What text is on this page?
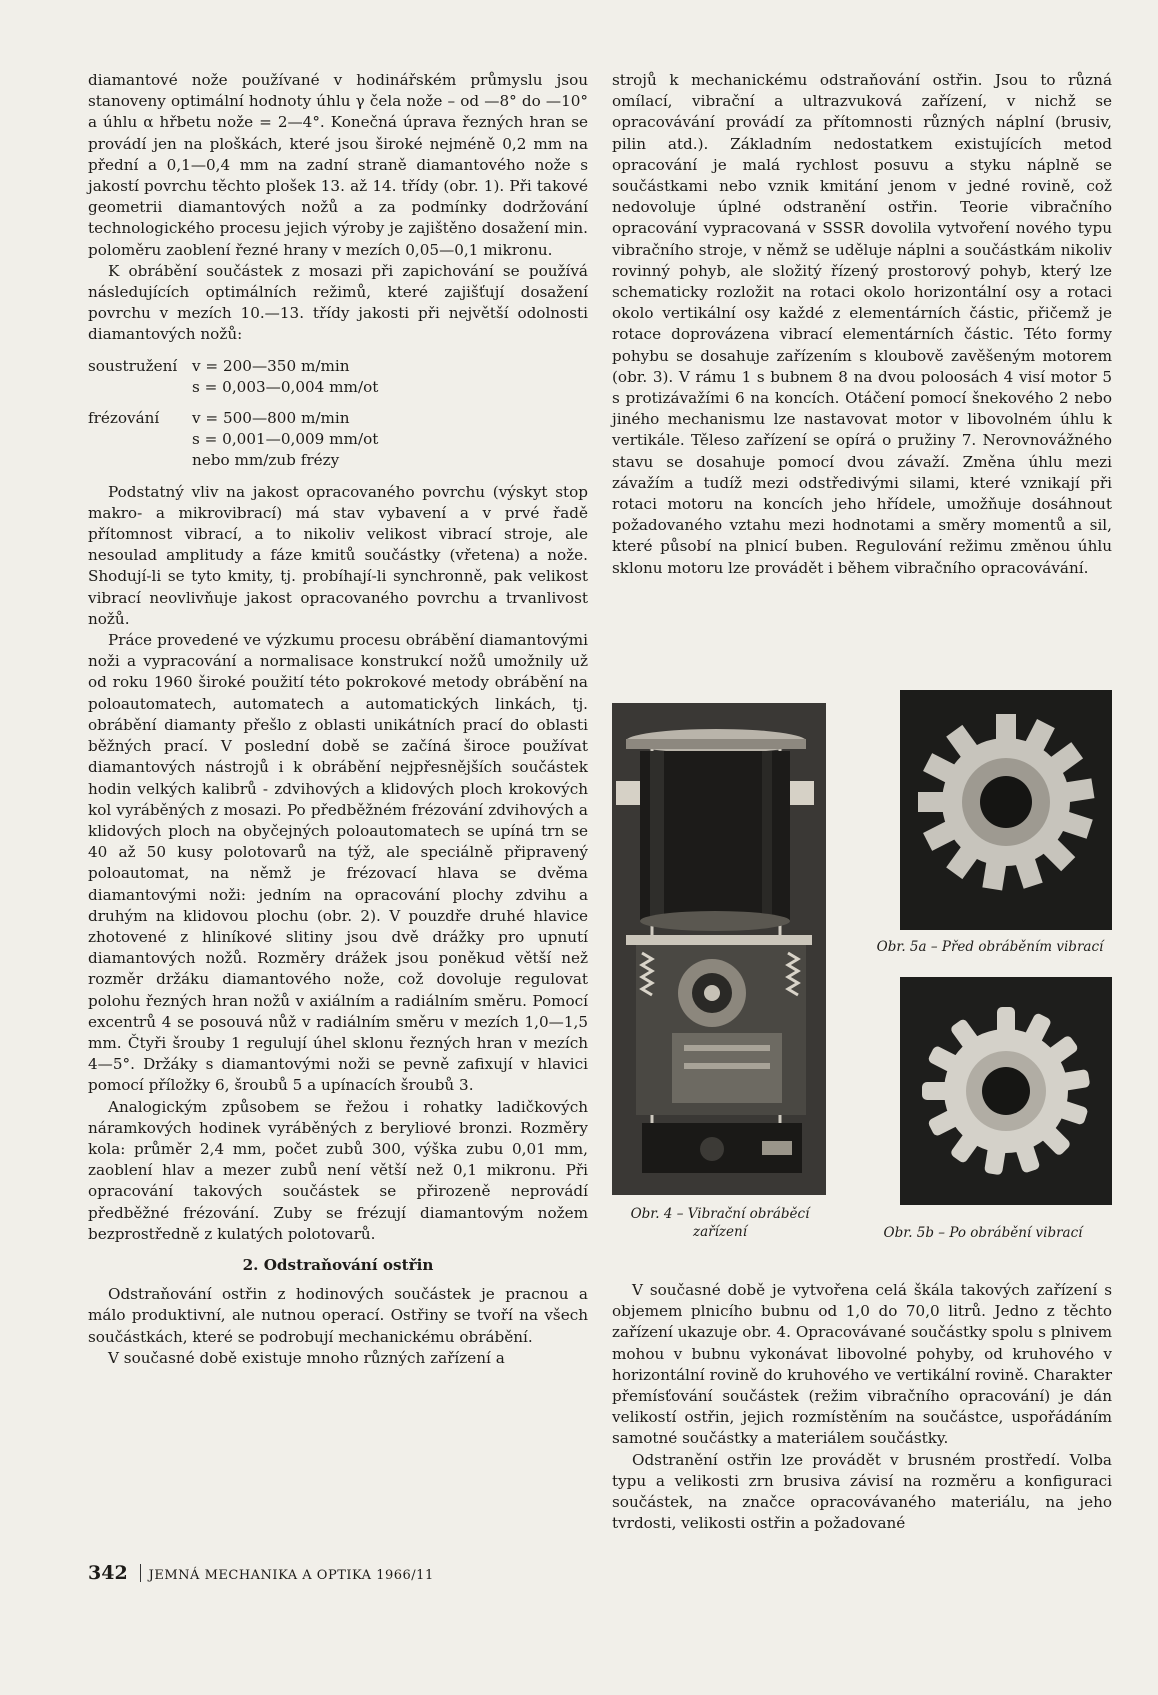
diamantové nože používané v hodinářském průmyslu jsou stanoveny optimální hodnoty úhlu γ čela nože – od —8° do —10° a úhlu α hřbetu nože = 2—4°. Konečná úprava řezných hran se provádí jen na ploškách, které jsou široké nejméně 0,2 mm na přední a 0,1—0,4 mm na zadní straně diamantového nože s jakostí povrchu těchto plošek 13. až 14. třídy (obr. 1). Při takové geometrii diamantových nožů a za podmínky dodržování technologického procesu jejich výroby je zajištěno dosažení min. poloměru zaoblení řezné hrany v mezích 0,05—0,1 mikronu.

K obrábění součástek z mosazi při zapichování se používá následujících optimálních režimů, které zajišťují dosažení povrchu v mezích 10.—13. třídy jakosti při největší odolnosti diamantových nožů:

soustružení v = 200—350 m/min
s = 0,003—0,004 mm/ot
frézování	v = 500—800 m/min
s = 0,001—0,009 mm/ot
nebo mm/zub frézy

Podstatný vliv na jakost opracovaného povrchu (výskyt stop makro- a mikrovibrací) má stav vybavení a v prvé řadě přítomnost vibrací, a to nikoliv velikost vibrací stroje, ale nesoulad amplitudy a fáze kmitů součástky (vřetena) a nože. Shodují-li se tyto kmity, tj. probíhají-li synchronně, pak velikost vibrací neovlivňuje jakost opracovaného povrchu a trvanlivost nožů.

Práce provedené ve výzkumu procesu obrábění diamantovými noži a vypracování a normalisace konstrukcí nožů umožnily už od roku 1960 široké použití této pokrokové metody obrábění na poloautomatech, automatech a automatických linkách, tj. obrábění diamanty přešlo z oblasti unikátních prací do oblasti běžných prací. V poslední době se začíná široce používat diamantových nástrojů i k obrábění nejpřesnějších součástek hodin velkých kalibrů - zdvihových a klidových ploch krokových kol vyráběných z mosazi. Po předběžném frézování zdvihových a klidových ploch na obyčejných poloautomatech se upíná trn se 40 až 50 kusy polotovarů na týž, ale speciálně připravený poloautomat, na němž je frézovací hlava se dvěma diamantovými noži: jedním na opracování plochy zdvihu a druhým na klidovou plochu (obr. 2). V pouzdře druhé hlavice zhotovené z hliníkové slitiny jsou dvě drážky pro upnutí diamantových nožů. Rozměry drážek jsou poněkud větší než rozměr držáku diamantového nože, což dovoluje regulovat polohu řezných hran nožů v axiálním a radiálním směru. Pomocí excentrů 4 se posouvá nůž v radiálním směru v mezích 1,0—1,5 mm. Čtyři šrouby 1 regulují úhel sklonu řezných hran v mezích 4—5°. Držáky s diamantovými noži se pevně zafixují v hlavici pomocí příložky 6, šroubů 5 a upínacích šroubů 3.

Analogickým způsobem se řežou i rohatky ladičkových náramkových hodinek vyráběných z beryliové bronzi. Rozměry kola: průměr 2,4 mm, počet zubů 300, výška zubu 0,01 mm, zaoblení hlav a mezer zubů není větší než 0,1 mikronu. Při opracování takových součástek se přirozeně neprovádí předběžné frézování. Zuby se frézují diamantovým nožem bezprostředně z kulatých polotovarů.

2. Odstraňování ostřin

Odstraňování ostřin z hodinových součástek je pracnou a málo produktivní, ale nutnou operací. Ostřiny se tvoří na všech součástkách, které se podrobují mechanickému obrábění.

V současné době existuje mnoho různých zařízení a

strojů k mechanickému odstraňování ostřin. Jsou to různá omílací, vibrační a ultrazvuková zařízení, v nichž se opracovávání provádí za přítomnosti různých náplní (brusiv, pilin atd.). Základním nedostatkem existujících metod opracování je malá rychlost posuvu a styku náplně se součástkami nebo vznik kmitání jenom v jedné rovině, což nedovoluje úplné odstranění ostřin. Teorie vibračního opracování vypracovaná v SSSR dovolila vytvoření nového typu vibračního stroje, v němž se uděluje náplni a součástkám nikoliv rovinný pohyb, ale složitý řízený prostorový pohyb, který lze schematicky rozložit na rotaci okolo horizontální osy a rotaci okolo vertikální osy každé z elementárních částic, přičemž je rotace doprovázena vibrací elementárních částic. Této formy pohybu se dosahuje zařízením s kloubově zavěšeným motorem (obr. 3). V rámu 1 s bubnem 8 na dvou poloosách 4 visí motor 5 s protizávažími 6 na koncích. Otáčení pomocí šnekového 2 nebo jiného mechanismu lze nastavovat motor v libovolném úhlu k vertikále. Těleso zařízení se opírá o pružiny 7. Nerovnovážného stavu se dosahuje pomocí dvou závaží. Změna úhlu mezi závažím a tudíž mezi odstředivými silami, které vznikají při rotaci motoru na koncích jeho hřídele, umožňuje dosáhnout požadovaného vztahu mezi hodnotami a směry momentů a sil, které působí na plnicí buben. Regulování režimu změnou úhlu sklonu motoru lze provádět i během vibračního opracovávání.

Obr. 4 – Vibrační obráběcí zařízení
Obr. 5a – Před obráběním vibrací
Obr. 5b – Po obrábění vibrací

V současné době je vytvořena celá škála takových zařízení s objemem plnicího bubnu od 1,0 do 70,0 litrů. Jedno z těchto zařízení ukazuje obr. 4. Opracovávané součástky spolu s plnivem mohou v bubnu vykonávat libovolné pohyby, od kruhového v horizontální rovině do kruhového ve vertikální rovině. Charakter přemísťování součástek (režim vibračního opracování) je dán velikostí ostřin, jejich rozmístěním na součástce, uspořádáním samotné součástky a materiálem součástky.

Odstranění ostřin lze provádět v brusném prostředí. Volba typu a velikosti zrn brusiva závisí na rozměru a konfiguraci součástek, na značce opracovávaného materiálu, na jeho tvrdosti, velikosti ostřin a požadované

342 JEMNÁ MECHANIKA A OPTIKA 1966/11
